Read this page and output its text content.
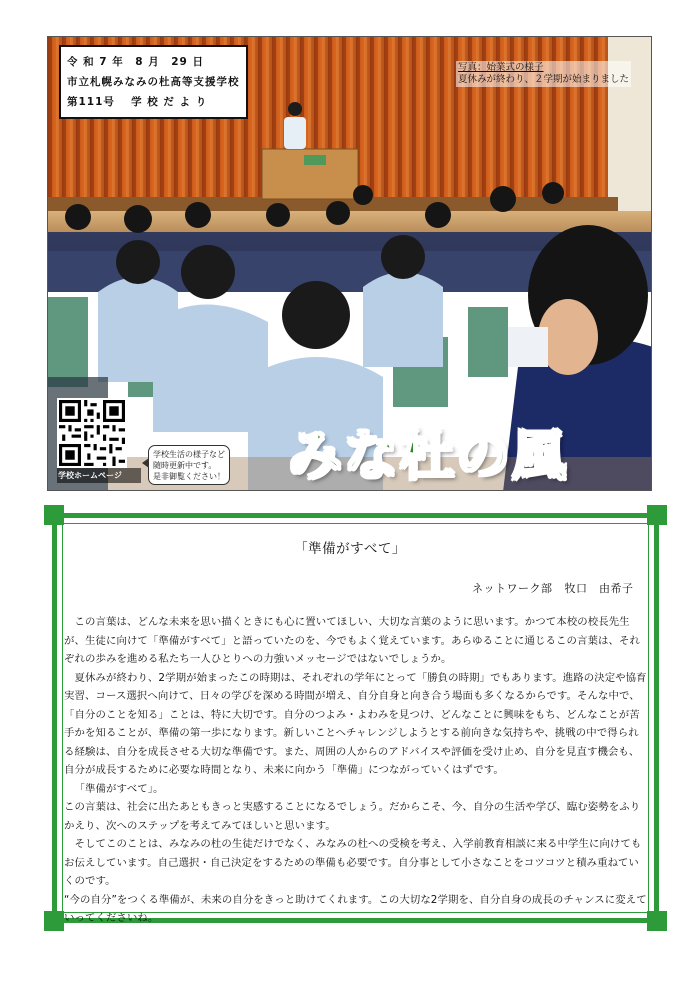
令 和 7 年　8 月　29 日
市立札幌みなみの杜高等支援学校
第111号　 学 校 だ よ り
写真：始業式の様子
夏休みが終わり、２学期が始まりました
学校ホームページ
学校生活の様子など
随時更新中です。
是非御覧ください！ みな杜の風
「準備がすべて」
ネットワーク部 牧口　由希子

この言葉は、どんな未来を思い描くときにも心に置いてほしい、大切な言葉のように思います。かつて本校の校長先生が、生徒に向けて「準備がすべて」と語っていたのを、今でもよく覚えています。あらゆることに通じるこの言葉は、それぞれの歩みを進める私たち一人ひとりへの力強いメッセージではないでしょうか。

夏休みが終わり、2学期が始まったこの時期は、それぞれの学年にとって「勝負の時期」でもあります。進路の決定や協育実習、コース選択へ向けて、日々の学びを深める時間が増え、自分自身と向き合う場面も多くなるからです。そんな中で、「自分のことを知る」ことは、特に大切です。自分のつよみ・よわみを見つけ、どんなことに興味をもち、どんなことが苦手かを知ることが、準備の第一歩になります。新しいことへチャレンジしようとする前向きな気持ちや、挑戦の中で得られる経験は、自分を成長させる大切な準備です。また、周囲の人からのアドバイスや評価を受け止め、自分を見直す機会も、自分が成長するために必要な時間となり、未来に向かう「準備」につながっていくはずです。

「準備がすべて」。

この言葉は、社会に出たあともきっと実感することになるでしょう。だからこそ、今、自分の生活や学び、臨む姿勢をふりかえり、次へのステップを考えてみてほしいと思います。

そしてこのことは、みなみの杜の生徒だけでなく、みなみの杜への受検を考え、入学前教育相談に来る中学生に向けてもお伝えしています。自己選択・自己決定をするための準備も必要です。自分事として小さなことをコツコツと積み重ねていくのです。

“今の自分”をつくる準備が、未来の自分をきっと助けてくれます。この大切な2学期を、自分自身の成長のチャンスに変えていってくださいね。
